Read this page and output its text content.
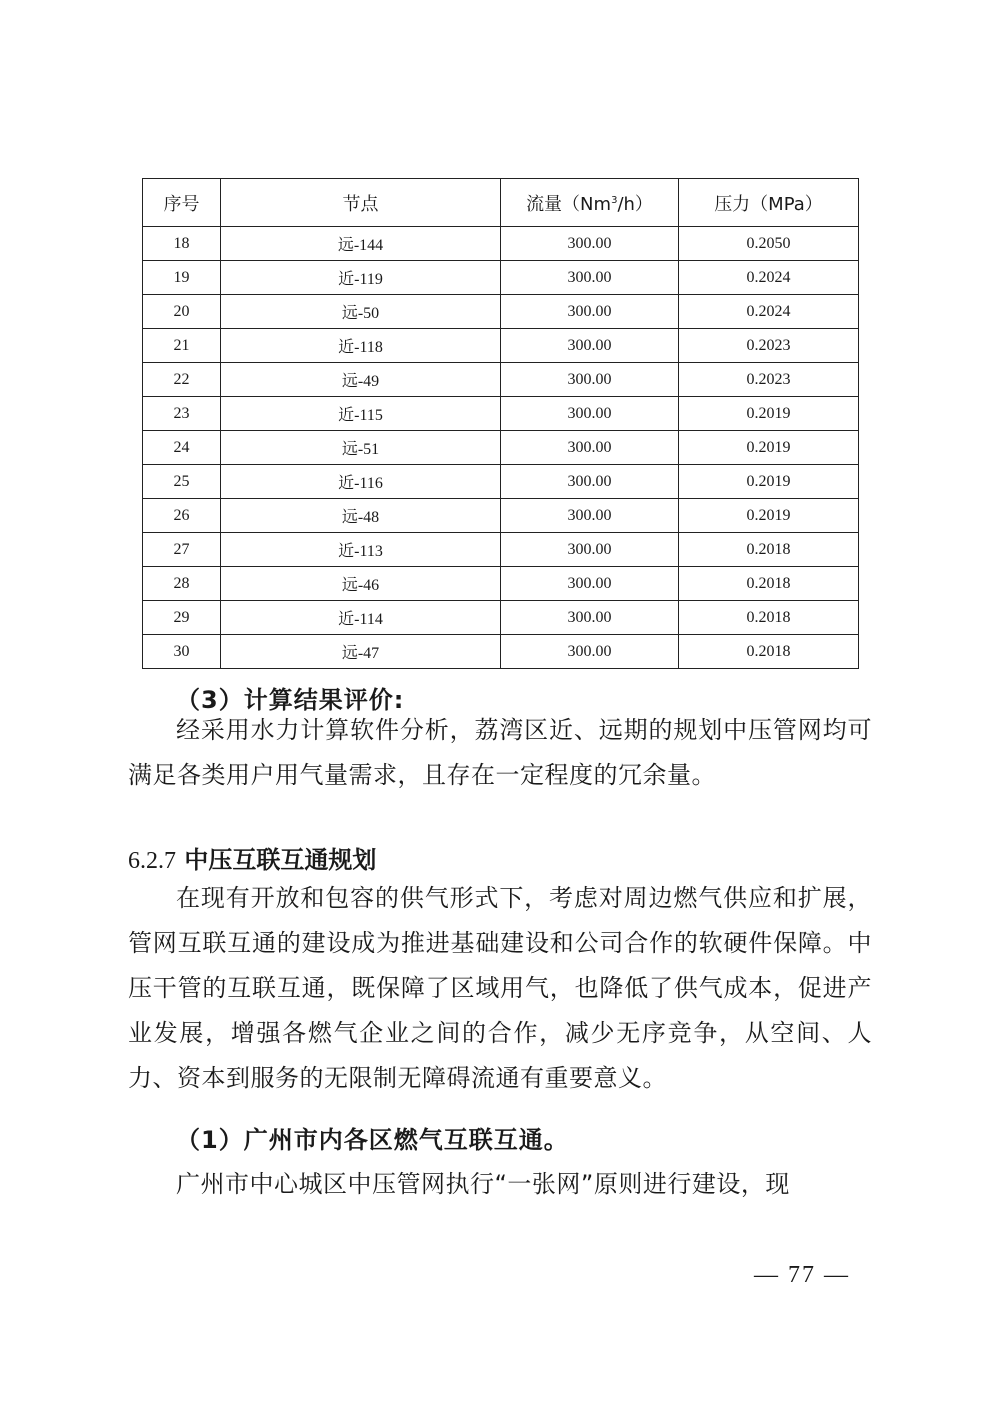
序号	节点	流量（Nm$^3$/h）	压力（MPa）
18	远-144	300.00	0.2050
19	近-119	300.00	0.2024
20	远-50	300.00	0.2024
21	近-118	300.00	0.2023
22	远-49	300.00	0.2023
23	近-115	300.00	0.2019
24	远-51	300.00	0.2019
25	近-116	300.00	0.2019
26	远-48	300.00	0.2019
27	近-113	300.00	0.2018
28	远-46	300.00	0.2018
29	近-114	300.00	0.2018
30	远-47	300.00	0.2018
（3）计算结果评价:

经采用水力计算软件分析，荔湾区近、远期的规划中压管网均可满足各类用户用气量需求，且存在一定程度的冗余量。

6.2.7 中压互联互通规划

在现有开放和包容的供气形式下，考虑对周边燃气供应和扩展，管网互联互通的建设成为推进基础建设和公司合作的软硬件保障。中压干管的互联互通，既保障了区域用气，也降低了供气成本，促进产业发展，增强各燃气企业之间的合作，减少无序竞争，从空间、人力、资本到服务的无限制无障碍流通有重要意义。

（1）广州市内各区燃气互联互通。

广州市中心城区中压管网执行“一张网”原则进行建设，现

— 77 —
